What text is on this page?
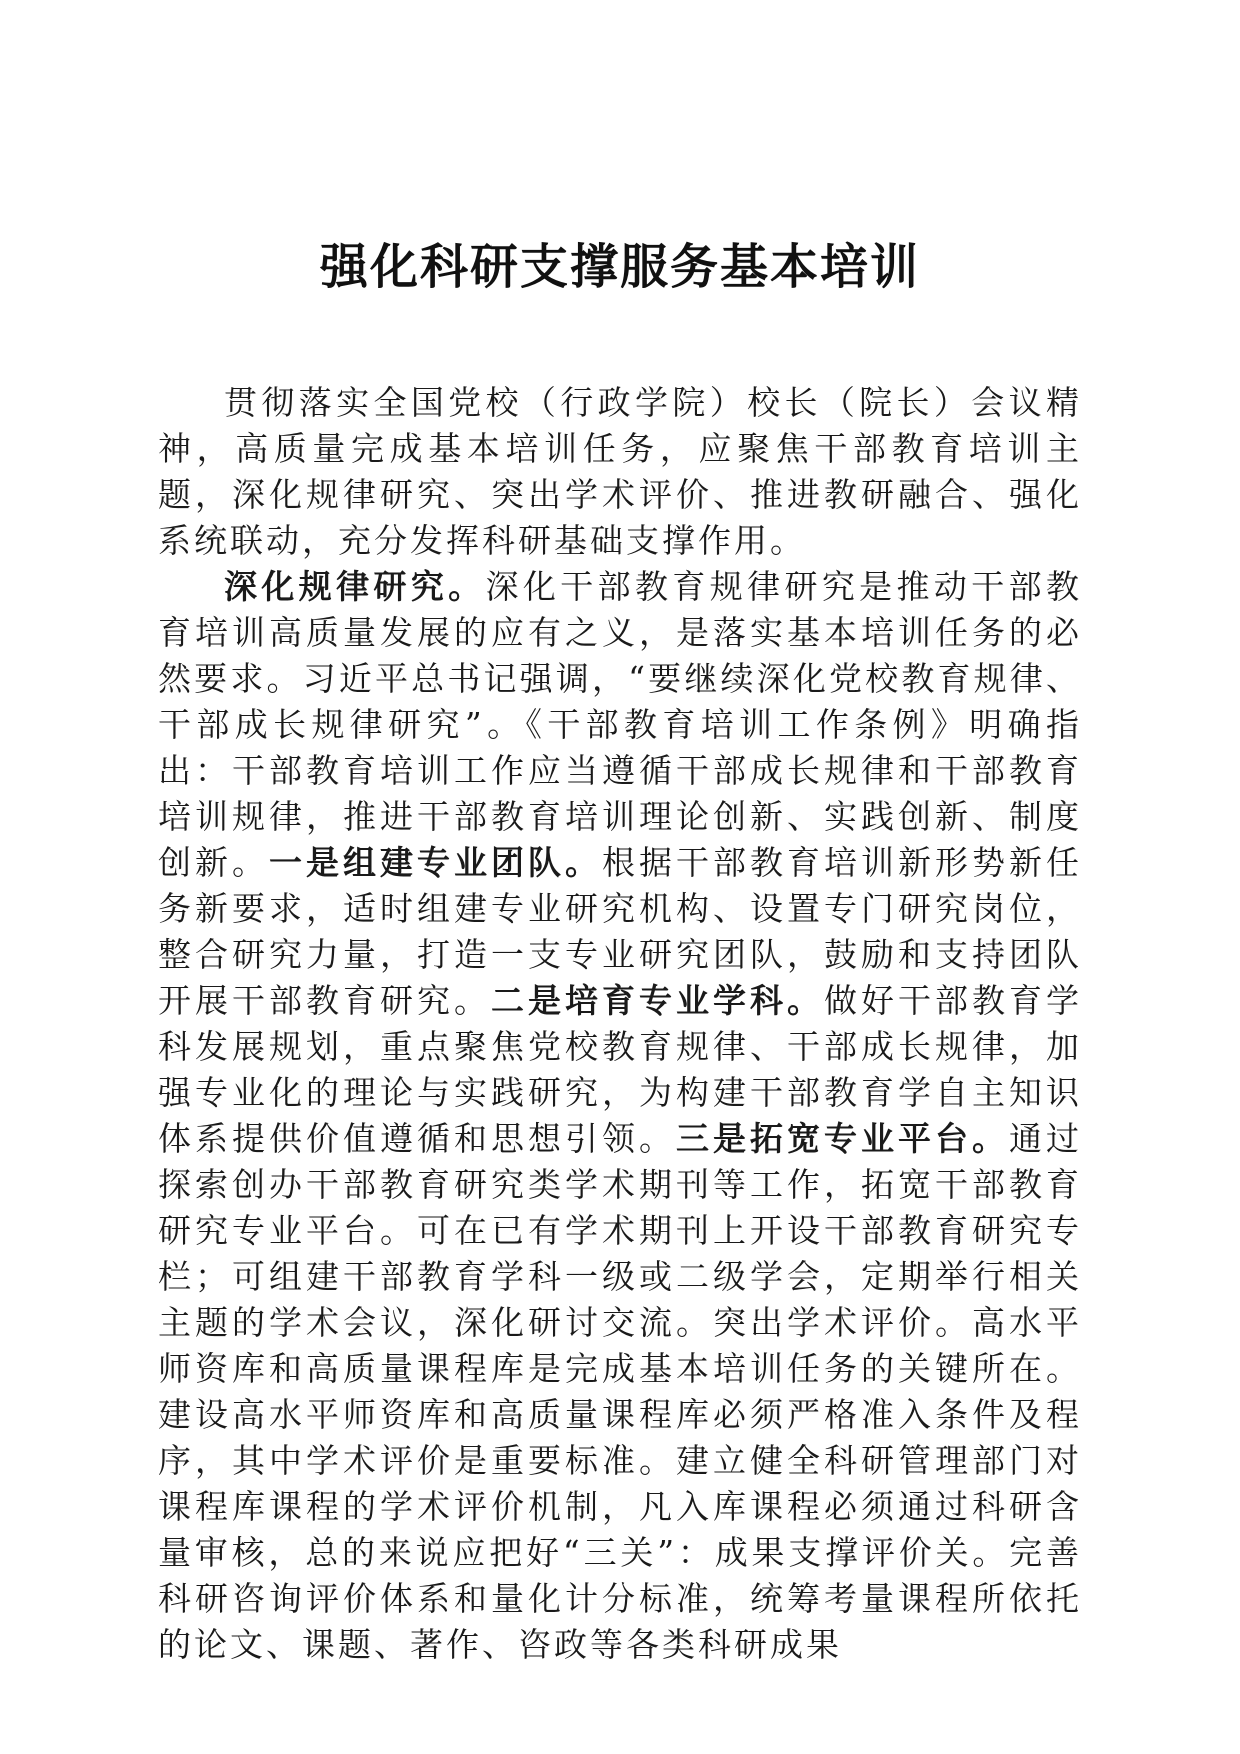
强化科研支撑服务基本培训

贯彻落实全国党校（行政学院）校长（院长）会议精神，高质量完成基本培训任务，应聚焦干部教育培训主题，深化规律研究、突出学术评价、推进教研融合、强化系统联动，充分发挥科研基础支撑作用。

深化规律研究。深化干部教育规律研究是推动干部教育培训高质量发展的应有之义，是落实基本培训任务的必然要求。习近平总书记强调，“要继续深化党校教育规律、干部成长规律研究”。《干部教育培训工作条例》明确指出：干部教育培训工作应当遵循干部成长规律和干部教育培训规律，推进干部教育培训理论创新、实践创新、制度创新。一是组建专业团队。根据干部教育培训新形势新任务新要求，适时组建专业研究机构、设置专门研究岗位，整合研究力量，打造一支专业研究团队，鼓励和支持团队开展干部教育研究。二是培育专业学科。做好干部教育学科发展规划，重点聚焦党校教育规律、干部成长规律，加强专业化的理论与实践研究，为构建干部教育学自主知识体系提供价值遵循和思想引领。三是拓宽专业平台。通过探索创办干部教育研究类学术期刊等工作，拓宽干部教育研究专业平台。可在已有学术期刊上开设干部教育研究专栏；可组建干部教育学科一级或二级学会，定期举行相关主题的学术会议，深化研讨交流。突出学术评价。高水平师资库和高质量课程库是完成基本培训任务的关键所在。建设高水平师资库和高质量课程库必须严格准入条件及程序，其中学术评价是重要标准。建立健全科研管理部门对课程库课程的学术评价机制，凡入库课程必须通过科研含量审核，总的来说应把好“三关”：成果支撑评价关。完善科研咨询评价体系和量化计分标准，统筹考量课程所依托的论文、课题、著作、咨政等各类科研成果
